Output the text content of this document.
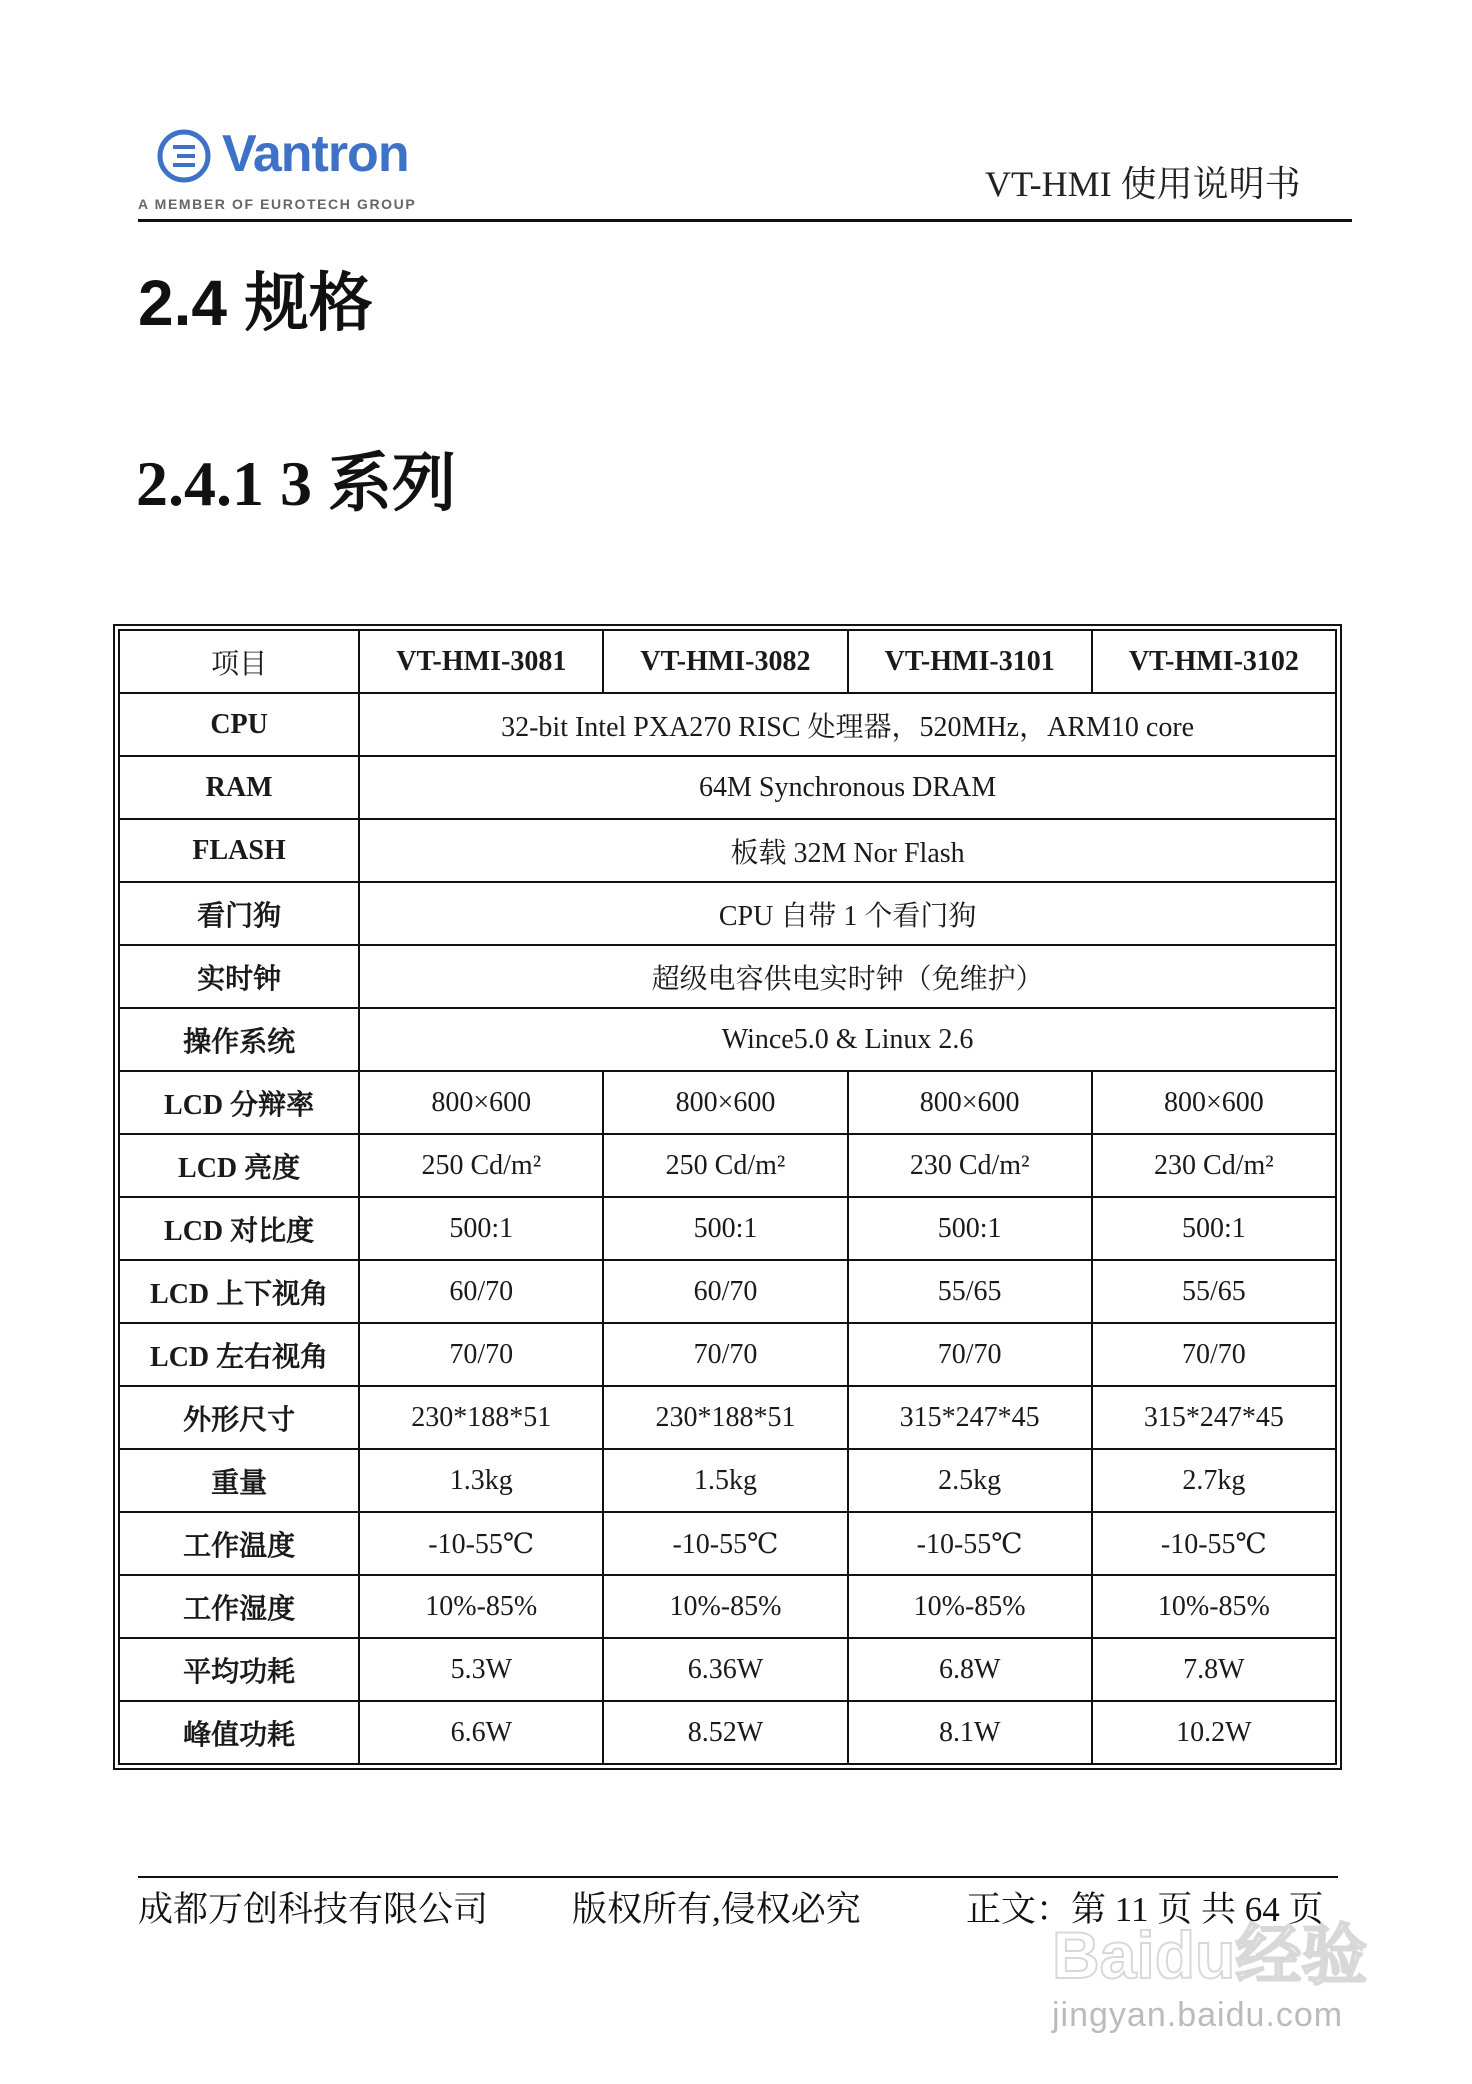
Vantron
A MEMBER OF EUROTECH GROUP	VT-HMI 使用说明书
2.4 规格
2.4.1 3 系列
项目	VT-HMI-3081	VT-HMI-3082	VT-HMI-3101	VT-HMI-3102
CPU	32-bit Intel PXA270 RISC 处理器，520MHz，ARM10 core			
RAM	64M Synchronous DRAM			
FLASH	板载 32M Nor Flash			
看门狗	CPU 自带 1 个看门狗			
实时钟	超级电容供电实时钟（免维护）			
操作系统	Wince5.0 & Linux 2.6			
LCD 分辩率	800×600	800×600	800×600	800×600
LCD 亮度	250 Cd/m²	250 Cd/m²	230 Cd/m²	230 Cd/m²
LCD 对比度	500:1	500:1	500:1	500:1
LCD 上下视角	60/70	60/70	55/65	55/65
LCD 左右视角	70/70	70/70	70/70	70/70
外形尺寸	230*188*51	230*188*51	315*247*45	315*247*45
重量	1.3kg	1.5kg	2.5kg	2.7kg
工作温度	-10-55℃	-10-55℃	-10-55℃	-10-55℃
工作湿度	10%-85%	10%-85%	10%-85%	10%-85%
平均功耗	5.3W	6.36W	6.8W	7.8W
峰值功耗	6.6W	8.52W	8.1W	10.2W
成都万创科技有限公司 版权所有,侵权必究	正文：第 11 页 共 64 页
Baidu经验
jingyan.baidu.com
